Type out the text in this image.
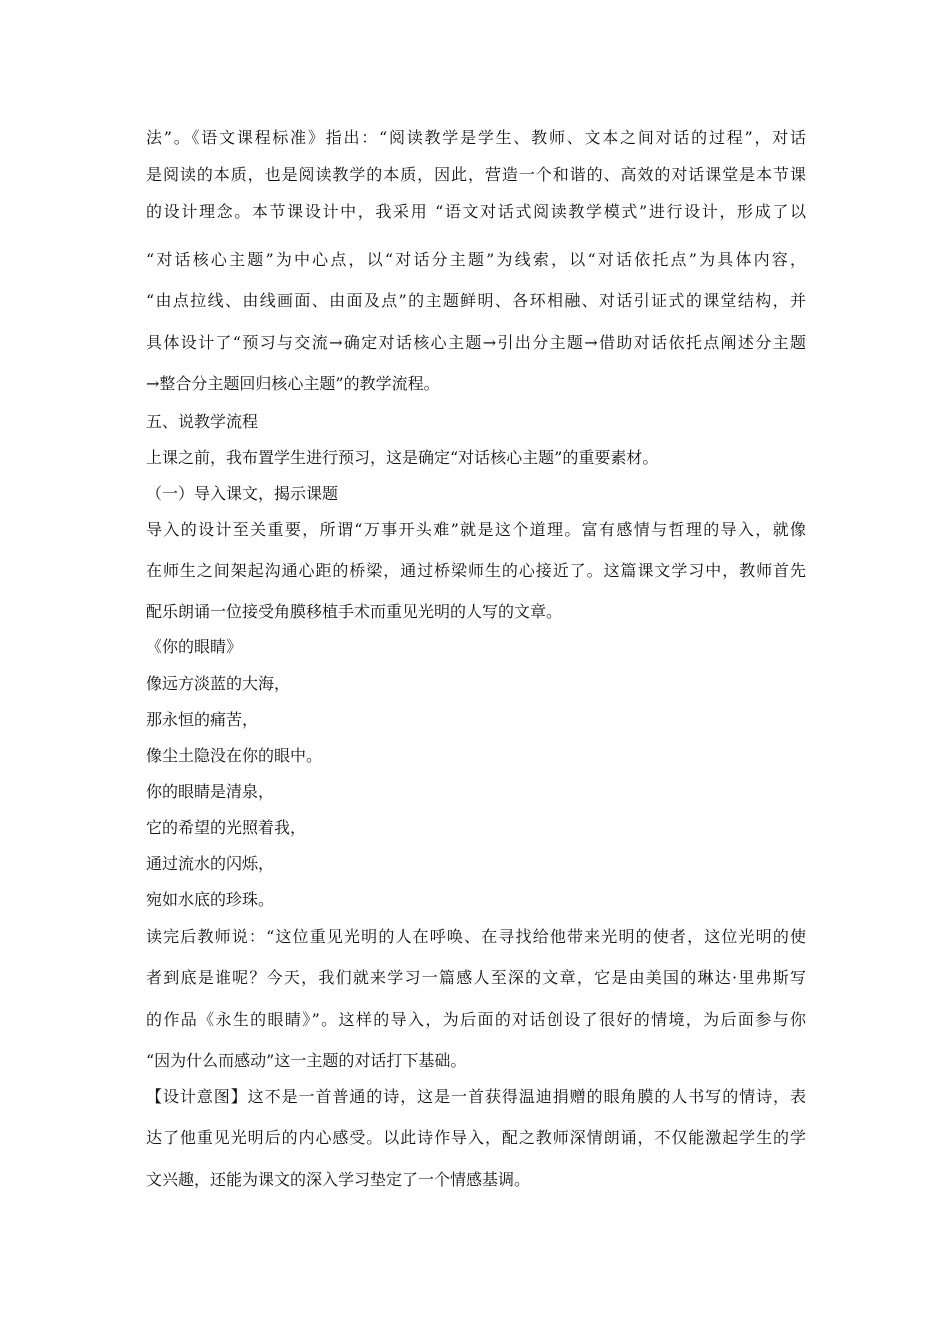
法”。《语文课程标准》指出：“阅读教学是学生、教师、文本之间对话的过程”，对话
是阅读的本质，也是阅读教学的本质，因此，营造一个和谐的、高效的对话课堂是本节课
的设计理念。本节课设计中，我采用 “语文对话式阅读教学模式”进行设计，形成了以
“对话核心主题”为中心点，以“对话分主题”为线索，以“对话依托点”为具体内容，
“由点拉线、由线画面、由面及点”的主题鲜明、各环相融、对话引证式的课堂结构，并
具体设计了“预习与交流→确定对话核心主题→引出分主题→借助对话依托点阐述分主题
→整合分主题回归核心主题”的教学流程。
五、说教学流程
上课之前，我布置学生进行预习，这是确定“对话核心主题”的重要素材。
（一）导入课文，揭示课题
导入的设计至关重要，所谓“万事开头难”就是这个道理。富有感情与哲理的导入，就像
在师生之间架起沟通心距的桥梁，通过桥梁师生的心接近了。这篇课文学习中，教师首先
配乐朗诵一位接受角膜移植手术而重见光明的人写的文章。
《你的眼睛》
像远方淡蓝的大海，
那永恒的痛苦，
像尘土隐没在你的眼中。
你的眼睛是清泉，
它的希望的光照着我，
通过流水的闪烁，
宛如水底的珍珠。
读完后教师说：“这位重见光明的人在呼唤、在寻找给他带来光明的使者，这位光明的使
者到底是谁呢？今天，我们就来学习一篇感人至深的文章，它是由美国的琳达·里弗斯写
的作品《永生的眼睛》”。这样的导入，为后面的对话创设了很好的情境，为后面参与你
“因为什么而感动”这一主题的对话打下基础。
【设计意图】这不是一首普通的诗，这是一首获得温迪捐赠的眼角膜的人书写的情诗，表
达了他重见光明后的内心感受。以此诗作导入，配之教师深情朗诵，不仅能激起学生的学
文兴趣，还能为课文的深入学习垫定了一个情感基调。
